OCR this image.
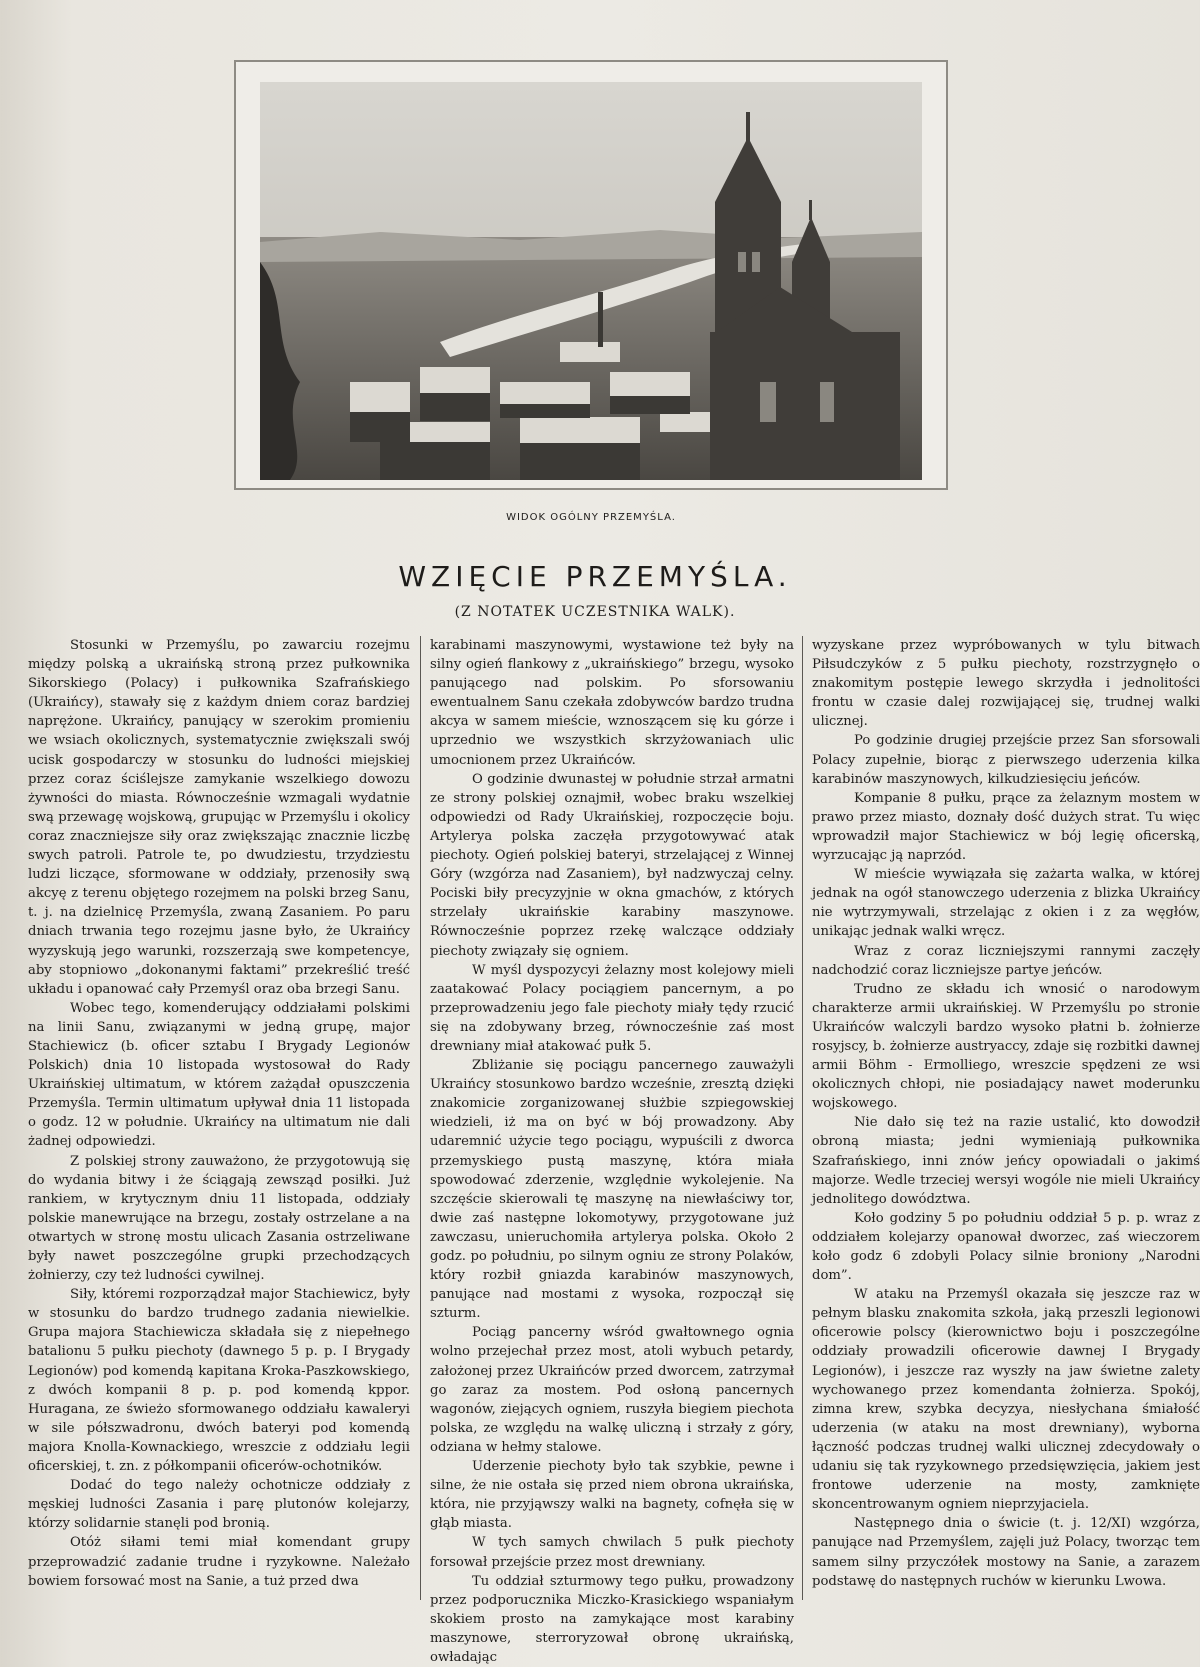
WIDOK OGÓLNY PRZEMYŚLA.
WZIĘCIE PRZEMYŚLA.
(Z NOTATEK UCZESTNIKA WALK).

Stosunki w Przemyślu, po zawarciu rozejmu między polską a ukraińską stroną przez pułkownika Sikorskiego (Polacy) i pułkownika Szafrańskiego (Ukraińcy), stawały się z każdym dniem coraz bardziej naprężone. Ukraińcy, panujący w szerokim promieniu we wsiach okolicznych, systematycznie zwiększali swój ucisk gospodarczy w stosunku do ludności miejskiej przez coraz ściślejsze zamykanie wszelkiego dowozu żywności do miasta. Równocześnie wzmagali wydatnie swą przewagę wojskową, grupując w Przemyślu i okolicy coraz znaczniejsze siły oraz zwiększając znacznie liczbę swych patroli. Patrole te, po dwudziestu, trzydziestu ludzi liczące, sformowane w oddziały, przenosiły swą akcyę z terenu objętego rozejmem na polski brzeg Sanu, t. j. na dzielnicę Przemyśla, zwaną Zasaniem. Po paru dniach trwania tego rozejmu jasne było, że Ukraińcy wyzyskują jego warunki, rozszerzają swe kompetencye, aby stopniowo „dokonanymi faktami” przekreślić treść układu i opanować cały Przemyśl oraz oba brzegi Sanu.

Wobec tego, komenderujący oddziałami polskimi na linii Sanu, związanymi w jedną grupę, major Stachiewicz (b. oficer sztabu I Brygady Legionów Polskich) dnia 10 listopada wystosował do Rady Ukraińskiej ultimatum, w którem zażądał opuszczenia Przemyśla. Termin ultimatum upływał dnia 11 listopada o godz. 12 w południe. Ukraińcy na ultimatum nie dali żadnej odpowiedzi.

Z polskiej strony zauważono, że przygotowują się do wydania bitwy i że ściągają zewsząd posiłki. Już rankiem, w krytycznym dniu 11 listopada, oddziały polskie manewrujące na brzegu, zostały ostrzelane a na otwartych w stronę mostu ulicach Zasania ostrzeliwane były nawet poszczególne grupki przechodzących żołnierzy, czy też ludności cywilnej.

Siły, któremi rozporządzał major Stachiewicz, były w stosunku do bardzo trudnego zadania niewielkie. Grupa majora Stachiewicza składała się z niepełnego batalionu 5 pułku piechoty (dawnego 5 p. p. I Brygady Legionów) pod komendą kapitana Kroka-Paszkowskiego, z dwóch kompanii 8 p. p. pod komendą kppor. Huragana, ze świeżo sformowanego oddziału kawaleryi w sile półszwadronu, dwóch bateryi pod komendą majora Knolla-Kownackiego, wreszcie z oddziału legii oficerskiej, t. zn. z półkompanii oficerów-ochotników.

Dodać do tego należy ochotnicze oddziały z męskiej ludności Zasania i parę plutonów kolejarzy, którzy solidarnie stanęli pod bronią.

Otóż siłami temi miał komendant grupy przeprowadzić zadanie trudne i ryzykowne. Należało bowiem forsować most na Sanie, a tuż przed dwa

karabinami maszynowymi, wystawione też były na silny ogień flankowy z „ukraińskiego” brzegu, wysoko panującego nad polskim. Po sforsowaniu ewentualnem Sanu czekała zdobywców bardzo trudna akcya w samem mieście, wznoszącem się ku górze i uprzednio we wszystkich skrzyżowaniach ulic umocnionem przez Ukraińców.

O godzinie dwunastej w południe strzał armatni ze strony polskiej oznajmił, wobec braku wszelkiej odpowiedzi od Rady Ukraińskiej, rozpoczęcie boju. Artylerya polska zaczęła przygotowywać atak piechoty. Ogień polskiej bateryi, strzelającej z Winnej Góry (wzgórza nad Zasaniem), był nadzwyczaj celny. Pociski biły precyzyjnie w okna gmachów, z których strzelały ukraińskie karabiny maszynowe. Równocześnie poprzez rzekę walczące oddziały piechoty związały się ogniem.

W myśl dyspozycyi żelazny most kolejowy mieli zaatakować Polacy pociągiem pancernym, a po przeprowadzeniu jego fale piechoty miały tędy rzucić się na zdobywany brzeg, równocześnie zaś most drewniany miał atakować pułk 5.

Zbliżanie się pociągu pancernego zauważyli Ukraińcy stosunkowo bardzo wcześnie, zresztą dzięki znakomicie zorganizowanej służbie szpiegowskiej wiedzieli, iż ma on być w bój prowadzony. Aby udaremnić użycie tego pociągu, wypuścili z dworca przemyskiego pustą maszynę, która miała spowodować zderzenie, względnie wykolejenie. Na szczęście skierowali tę maszynę na niewłaściwy tor, dwie zaś następne lokomotywy, przygotowane już zawczasu, unieruchomiła artylerya polska. Około 2 godz. po południu, po silnym ogniu ze strony Polaków, który rozbił gniazda karabinów maszynowych, panujące nad mostami z wysoka, rozpoczął się szturm.

Pociąg pancerny wśród gwałtownego ognia wolno przejechał przez most, atoli wybuch petardy, założonej przez Ukraińców przed dworcem, zatrzymał go zaraz za mostem. Pod osłoną pancernych wagonów, ziejących ogniem, ruszyła biegiem piechota polska, ze względu na walkę uliczną i strzały z góry, odziana w hełmy stalowe.

Uderzenie piechoty było tak szybkie, pewne i silne, że nie ostała się przed niem obrona ukraińska, która, nie przyjąwszy walki na bagnety, cofnęła się w głąb miasta.

W tych samych chwilach 5 pułk piechoty forsował przejście przez most drewniany.

Tu oddział szturmowy tego pułku, prowadzony przez podporucznika Miczko-Krasickiego wspaniałym skokiem prosto na zamykające most karabiny maszynowe, sterroryzował obronę ukraińską, owładając

wyzyskane przez wypróbowanych w tylu bitwach Piłsudczyków z 5 pułku piechoty, rozstrzygnęło o znakomitym postępie lewego skrzydła i jednolitości frontu w czasie dalej rozwijającej się, trudnej walki ulicznej.

Po godzinie drugiej przejście przez San sforsowali Polacy zupełnie, biorąc z pierwszego uderzenia kilka karabinów maszynowych, kilkudziesięciu jeńców.

Kompanie 8 pułku, prące za żelaznym mostem w prawo przez miasto, doznały dość dużych strat. Tu więc wprowadził major Stachiewicz w bój legię oficerską, wyrzucając ją naprzód.

W mieście wywiązała się zażarta walka, w której jednak na ogół stanowczego uderzenia z blizka Ukraińcy nie wytrzymywali, strzelając z okien i z za węgłów, unikając jednak walki wręcz.

Wraz z coraz liczniejszymi rannymi zaczęły nadchodzić coraz liczniejsze partye jeńców.

Trudno ze składu ich wnosić o narodowym charakterze armii ukraińskiej. W Przemyślu po stronie Ukraińców walczyli bardzo wysoko płatni b. żołnierze rosyjscy, b. żołnierze austryaccy, zdaje się rozbitki dawnej armii Böhm - Ermolliego, wreszcie spędzeni ze wsi okolicznych chłopi, nie posiadający nawet moderunku wojskowego.

Nie dało się też na razie ustalić, kto dowodził obroną miasta; jedni wymieniają pułkownika Szafrańskiego, inni znów jeńcy opowiadali o jakimś majorze. Wedle trzeciej wersyi wogóle nie mieli Ukraińcy jednolitego dowództwa.

Koło godziny 5 po południu oddział 5 p. p. wraz z oddziałem kolejarzy opanował dworzec, zaś wieczorem koło godz 6 zdobyli Polacy silnie broniony „Narodni dom”.

W ataku na Przemyśl okazała się jeszcze raz w pełnym blasku znakomita szkoła, jaką przeszli legionowi oficerowie polscy (kierownictwo boju i poszczególne oddziały prowadzili oficerowie dawnej I Brygady Legionów), i jeszcze raz wyszły na jaw świetne zalety wychowanego przez komendanta żołnierza. Spokój, zimna krew, szybka decyzya, niesłychana śmiałość uderzenia (w ataku na most drewniany), wyborna łączność podczas trudnej walki ulicznej zdecydowały o udaniu się tak ryzykownego przedsięwzięcia, jakiem jest frontowe uderzenie na mosty, zamknięte skoncentrowanym ogniem nieprzyjaciela.

Następnego dnia o świcie (t. j. 12/XI) wzgórza, panujące nad Przemyślem, zajęli już Polacy, tworząc tem samem silny przyczółek mostowy na Sanie, a zarazem podstawę do następnych ruchów w kierunku Lwowa.
